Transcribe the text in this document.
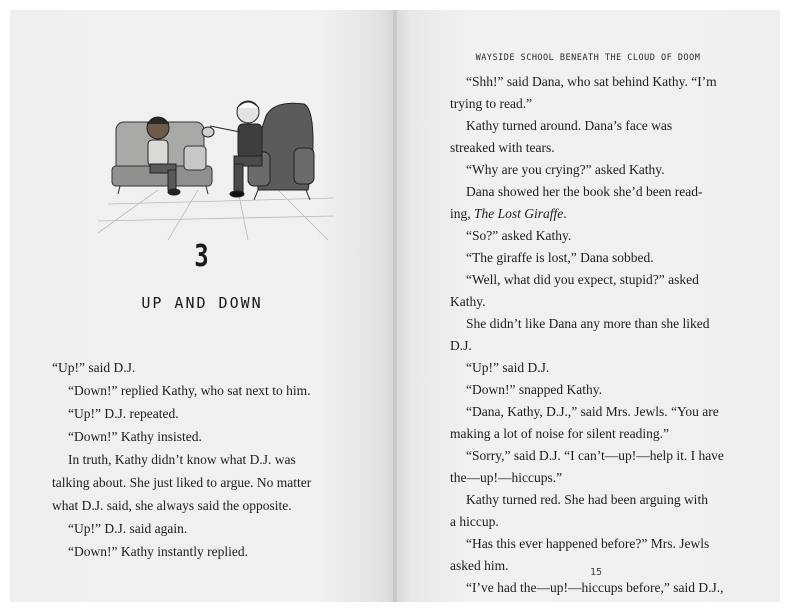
3
UP AND DOWN
WAYSIDE SCHOOL BENEATH THE CLOUD OF DOOM
15
“Up!” said D.J.
“Down!” replied Kathy, who sat next to him.
“Up!” D.J. repeated.
“Down!” Kathy insisted.
In truth, Kathy didn’t know what D.J. was
talking about. She just liked to argue. No matter
what D.J. said, she always said the opposite.
“Up!” D.J. said again.
“Down!” Kathy instantly replied.
“Shh!” said Dana, who sat behind Kathy. “I’m
trying to read.”
Kathy turned around. Dana’s face was
streaked with tears.
“Why are you crying?” asked Kathy.
Dana showed her the book she’d been read-
ing, The Lost Giraffe.
“So?” asked Kathy.
“The giraffe is lost,” Dana sobbed.
“Well, what did you expect, stupid?” asked
Kathy.
She didn’t like Dana any more than she liked
D.J.
“Up!” said D.J.
“Down!” snapped Kathy.
“Dana, Kathy, D.J.,” said Mrs. Jewls. “You are
making a lot of noise for silent reading.”
“Sorry,” said D.J. “I can’t—up!—help it. I have
the—up!—hiccups.”
Kathy turned red. She had been arguing with
a hiccup.
“Has this ever happened before?” Mrs. Jewls
asked him.
“I’ve had the—up!—hiccups before,” said D.J.,
